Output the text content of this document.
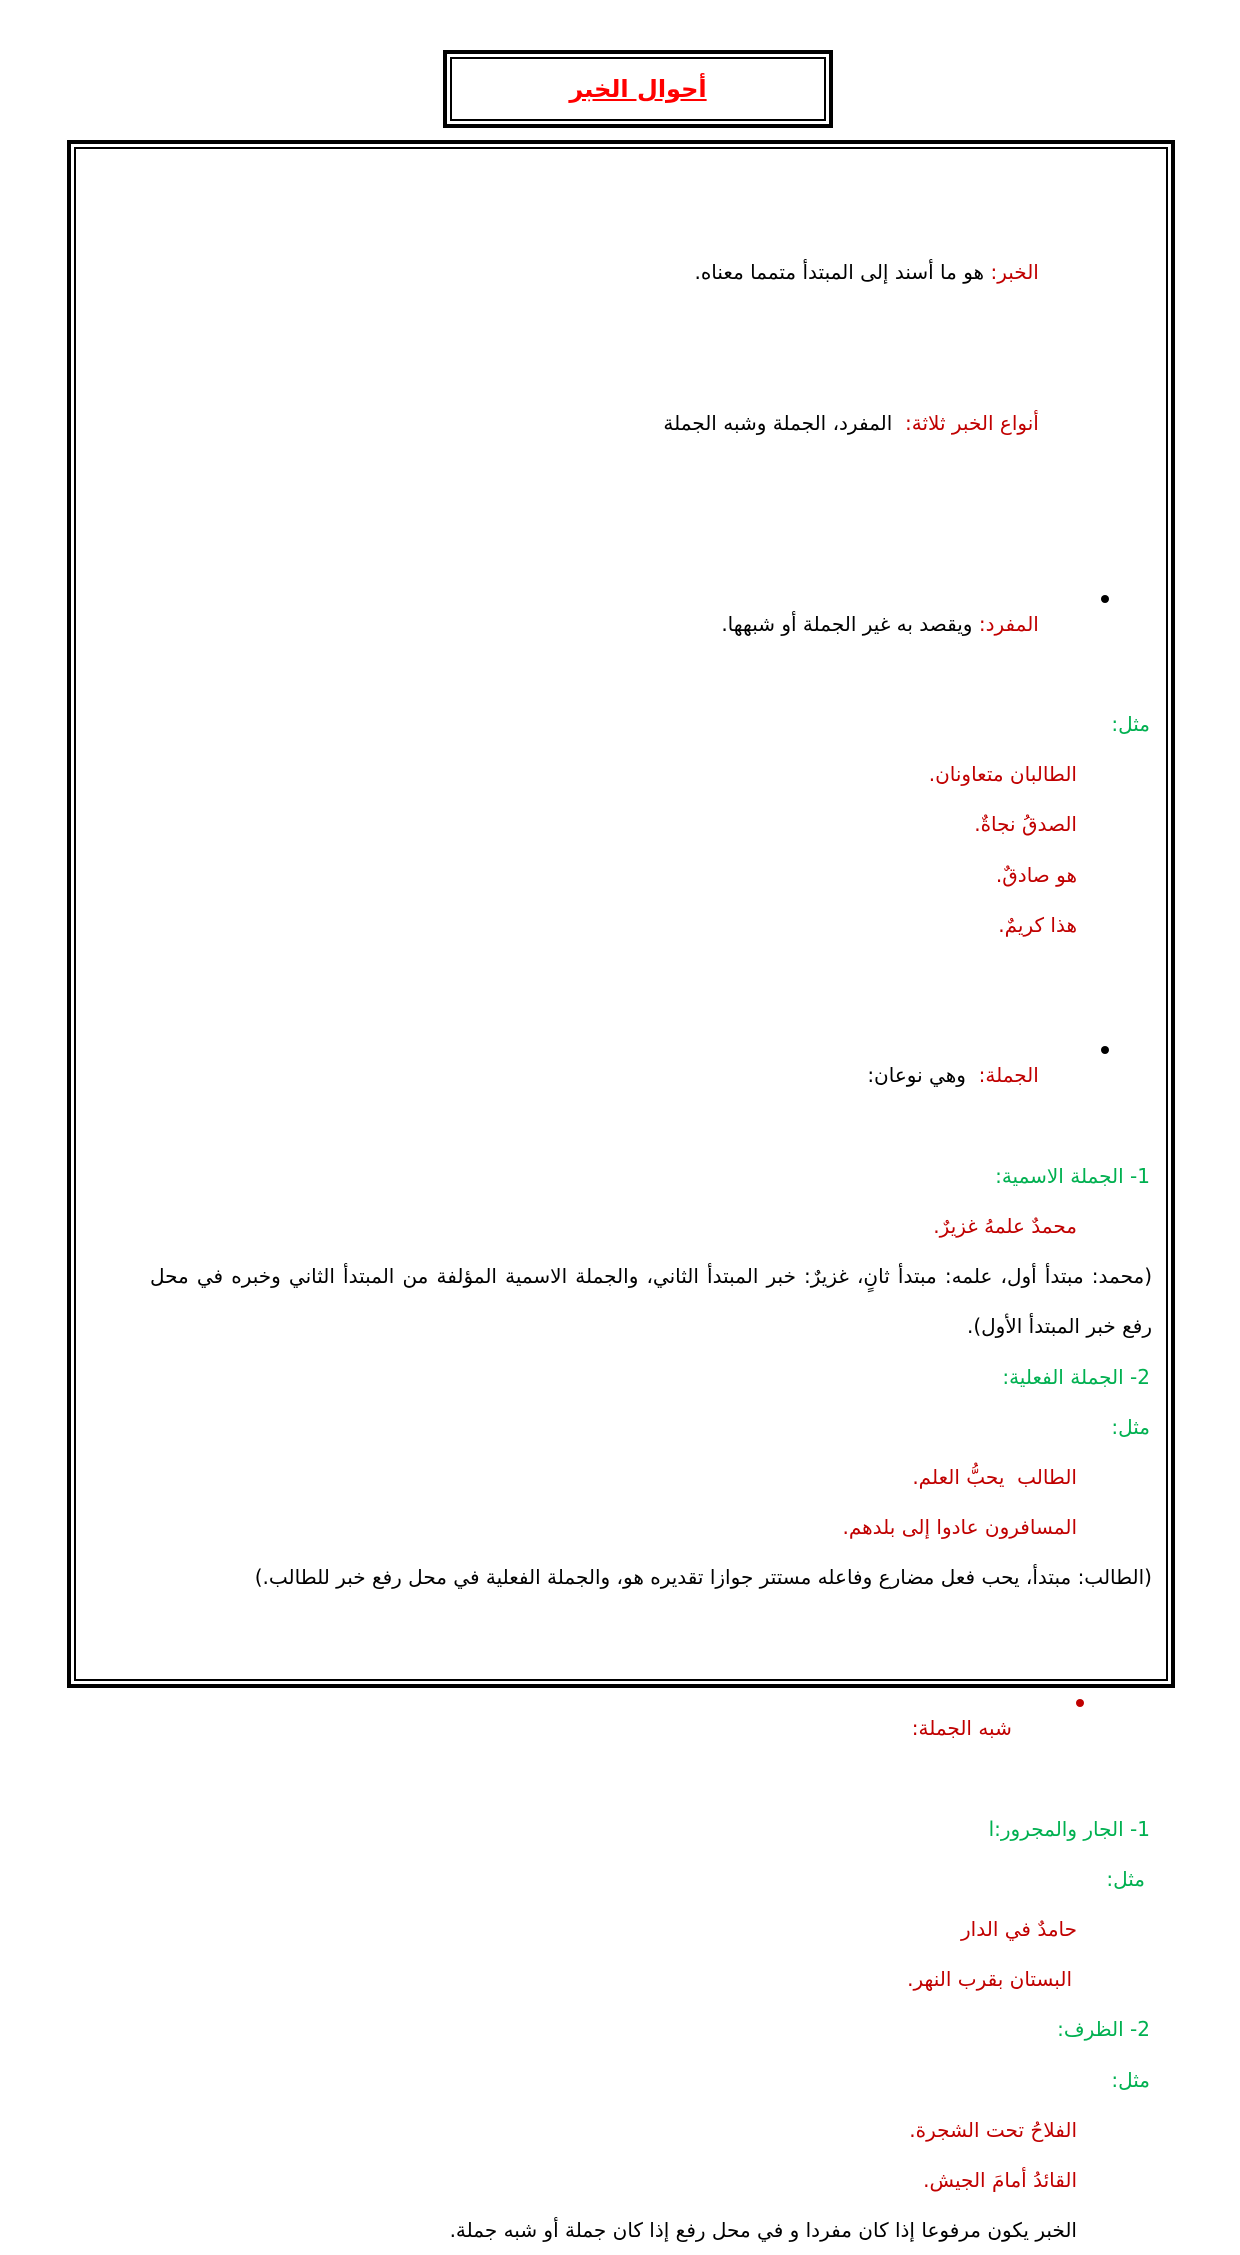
أحوال الخبر

الخبر: هو ما أسند إلى المبتدأ متمما معناه.

أنواع الخبر ثلاثة:  المفرد، الجملة وشبه الجملة

المفرد: ويقصد به غير الجملة أو شبهها.

مثل:
الطالبان متعاونان.
الصدقُ نجاةٌ.
هو صادقٌ.
هذا كريمٌ.

الجملة:  وهي نوعان:

1- الجملة الاسمية:
محمدٌ علمهُ غزيرٌ.
(محمد: مبتدأ أول، علمه: مبتدأ ثانٍ، غزيرٌ: خبر المبتدأ الثاني، والجملة الاسمية المؤلفة من المبتدأ الثاني وخبره في محل رفع خبر المبتدأ الأول).
2- الجملة الفعلية:
مثل:
الطالب  يحبُّ العلم.
المسافرون عادوا إلى بلدهم.
(الطالب: مبتدأ، يحب فعل مضارع وفاعله مستتر جوازا تقديره هو، والجملة الفعلية في محل رفع خبر للطالب.)

شبه الجملة:

1- الجار والمجرور:l
مثل:
حامدٌ في الدار
البستان بقرب النهر.
2- الظرف:
مثل:
الفلاحُ تحت الشجرة.
القائدُ أمامَ الجيش.
الخبر يكون مرفوعا إذا كان مفردا و في محل رفع إذا كان جملة أو شبه جملة.
